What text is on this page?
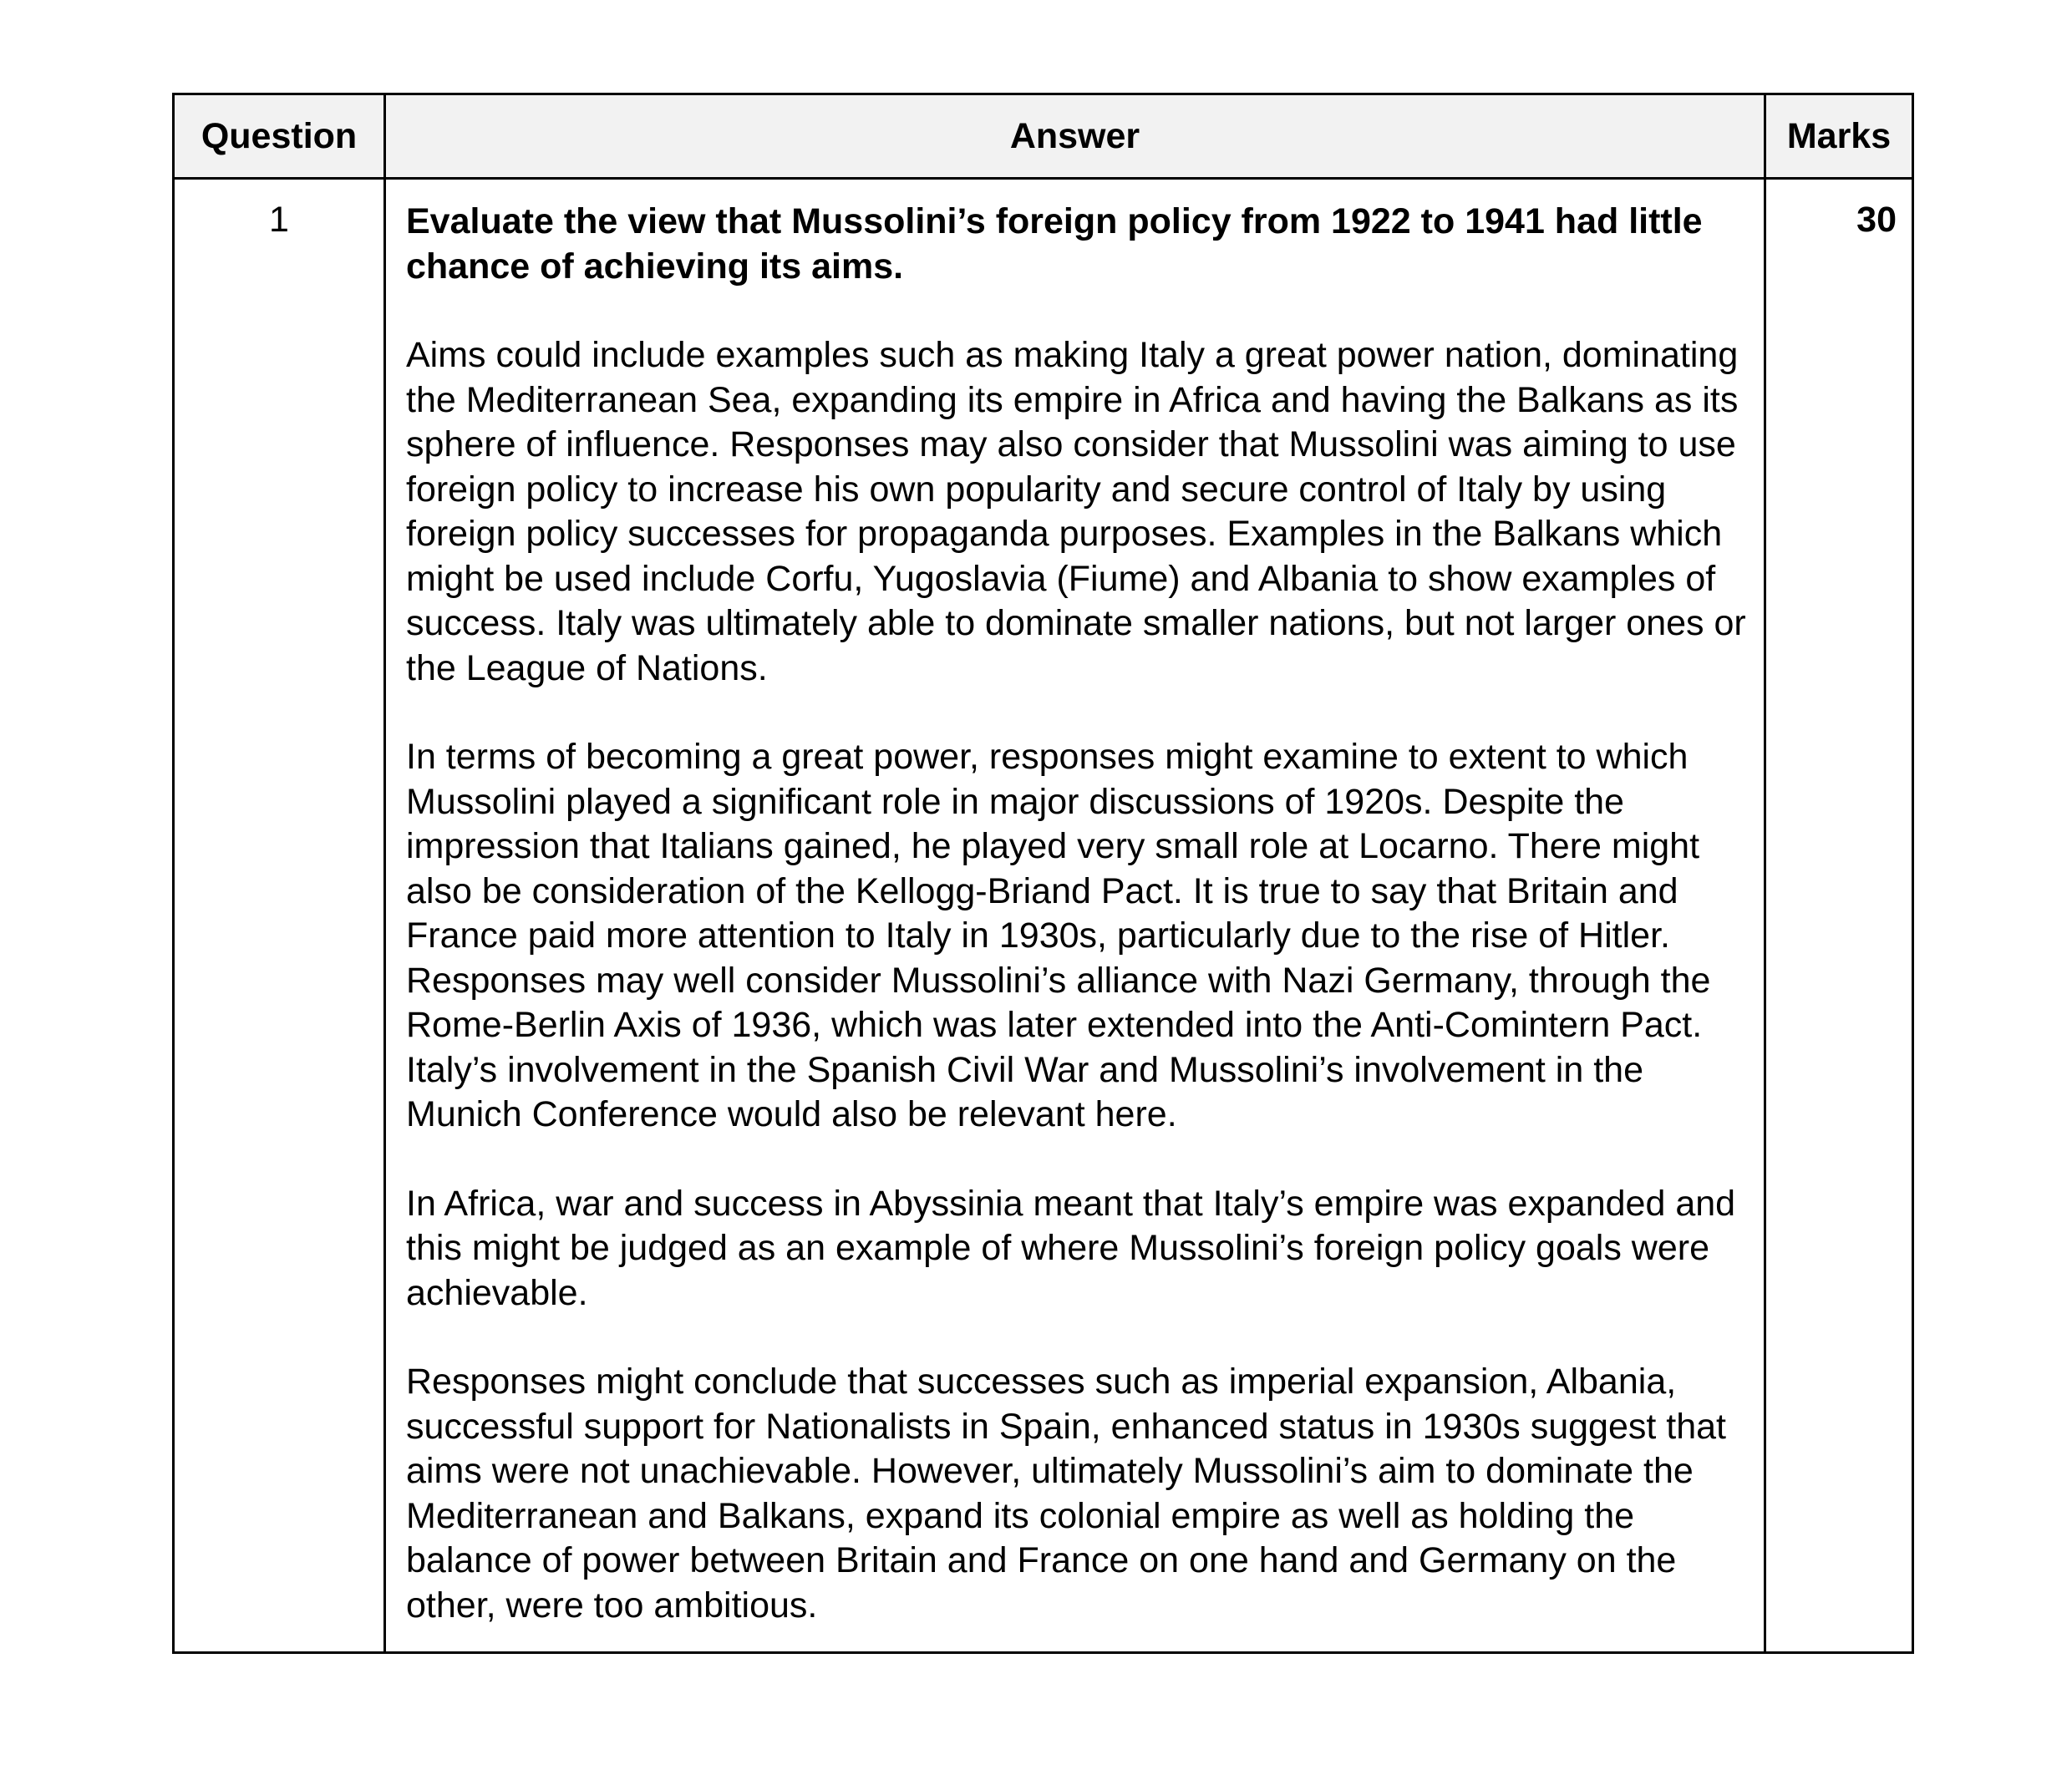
Question	Answer	Marks
1	Evaluate the view that Mussolini’s foreign policy from 1922 to 1941 had little chance of achieving its aims.
Aims could include examples such as making Italy a great power nation, dominating the Mediterranean Sea, expanding its empire in Africa and having the Balkans as its sphere of influence. Responses may also consider that Mussolini was aiming to use foreign policy to increase his own popularity and secure control of Italy by using foreign policy successes for propaganda purposes. Examples in the Balkans which might be used include Corfu, Yugoslavia (Fiume) and Albania to show examples of success. Italy was ultimately able to dominate smaller nations, but not larger ones or the League of Nations.
In terms of becoming a great power, responses might examine to extent to which Mussolini played a significant role in major discussions of 1920s. Despite the impression that Italians gained, he played very small role at Locarno. There might also be consideration of the Kellogg-Briand Pact. It is true to say that Britain and France paid more attention to Italy in 1930s, particularly due to the rise of Hitler. Responses may well consider Mussolini’s alliance with Nazi Germany, through the Rome-Berlin Axis of 1936, which was later extended into the Anti-Comintern Pact. Italy’s involvement in the Spanish Civil War and Mussolini’s involvement in the Munich Conference would also be relevant here.
In Africa, war and success in Abyssinia meant that Italy’s empire was expanded and this might be judged as an example of where Mussolini’s foreign policy goals were achievable.
Responses might conclude that successes such as imperial expansion, Albania, successful support for Nationalists in Spain, enhanced status in 1930s suggest that aims were not unachievable. However, ultimately Mussolini’s aim to dominate the Mediterranean and Balkans, expand its colonial empire as well as holding the balance of power between Britain and France on one hand and Germany on the other, were too ambitious.	30
